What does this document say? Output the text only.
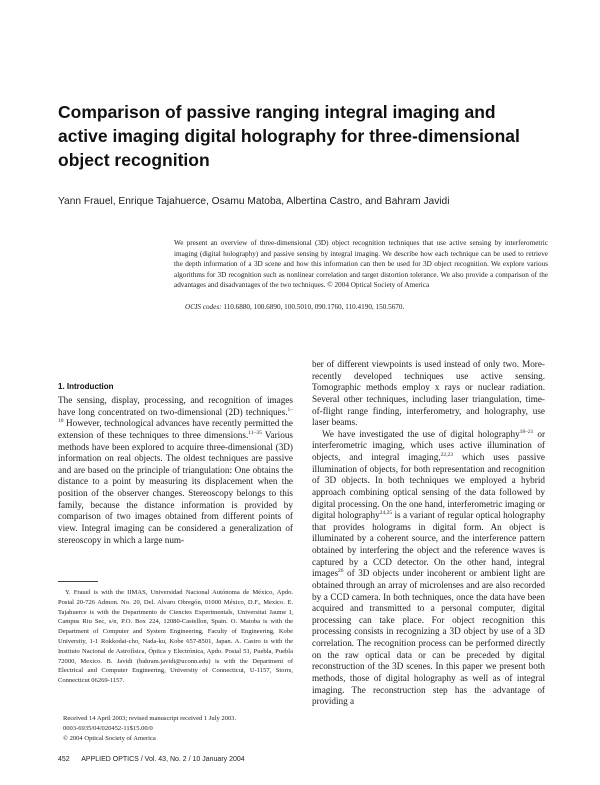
Comparison of passive ranging integral imaging and active imaging digital holography for three-dimensional object recognition
Yann Frauel, Enrique Tajahuerce, Osamu Matoba, Albertina Castro, and Bahram Javidi

We present an overview of three-dimensional (3D) object recognition techniques that use active sensing by interferometric imaging (digital holography) and passive sensing by integral imaging. We describe how each technique can be used to retrieve the depth information of a 3D scene and how this information can then be used for 3D object recognition. We explore various algorithms for 3D recognition such as nonlinear correlation and target distortion tolerance. We also provide a comparison of the advantages and disadvantages of the two techniques. © 2004 Optical Society of America

OCIS codes: 110.6880, 100.6890, 100.5010, 090.1760, 110.4190, 150.5670.
1. Introduction

The sensing, display, processing, and recognition of images have long concentrated on two-dimensional (2D) techniques.$^{1-10}$ However, technological advances have recently permitted the extension of these techniques to three dimensions.$^{11-35}$ Various methods have been explored to acquire three-dimensional (3D) information on real objects. The oldest techniques are passive and are based on the principle of triangulation: One obtains the distance to a point by measuring its displacement when the position of the observer changes. Stereoscopy belongs to this family, because the distance information is provided by comparison of two images obtained from different points of view. Integral imaging can be considered a generalization of stereoscopy in which a large num-

ber of different viewpoints is used instead of only two. More-recently developed techniques use active sensing. Tomographic methods employ x rays or nuclear radiation. Several other techniques, including laser triangulation, time-of-flight range finding, interferometry, and holography, use laser beams.

We have investigated the use of digital holography$^{18-21}$ or interferometric imaging, which uses active illumination of objects, and integral imaging,$^{22,23}$ which uses passive illumination of objects, for both representation and recognition of 3D objects. In both techniques we employed a hybrid approach combining optical sensing of the data followed by digital processing. On the one hand, interferometric imaging or digital holography$^{24,25}$ is a variant of regular optical holography that provides holograms in digital form. An object is illuminated by a coherent source, and the interference pattern obtained by interfering the object and the reference waves is captured by a CCD detector. On the other hand, integral images$^{26}$ of 3D objects under incoherent or ambient light are obtained through an array of microlenses and are also recorded by a CCD camera. In both techniques, once the data have been acquired and transmitted to a personal computer, digital processing can take place. For object recognition this processing consists in recognizing a 3D object by use of a 3D correlation. The recognition process can be performed directly on the raw optical data or can be preceded by digital reconstruction of the 3D scenes. In this paper we present both methods, those of digital holography as well as of integral imaging. The reconstruction step has the advantage of providing a

Y. Frauel is with the IIMAS, Universidad Nacional Autónoma de México, Apdo. Postal 20-726 Admon. No. 20, Del. Alvaro Obregón, 01000 México, D.F., Mexico. E. Tajahuerce is with the Departmento de Ciencies Experimentals, Universitat Jaume I, Campus Riu Sec, s/n, P.O. Box 224, 12080-Castellon, Spain. O. Matoba is with the Department of Computer and System Engineering, Faculty of Engineering, Kobe University, 1-1 Rokkodai-cho, Nada-ku, Kobe 657-8501, Japan. A. Castro is with the Instituto Nacional de Astrofísica, Óptica y Electrónica, Apdo. Postal 51, Puebla, Puebla 72000, Mexico. B. Javidi (bahram.javidi@uconn.edu) is with the Department of Electrical and Computer Engineering, University of Connecticut, U-1157, Storrs, Connecticut 06269-1157.

Received 14 April 2003; revised manuscript received 1 July 2003.
0003-6935/04/020452-11$15.00/0
© 2004 Optical Society of America
452 APPLIED OPTICS / Vol. 43, No. 2 / 10 January 2004
